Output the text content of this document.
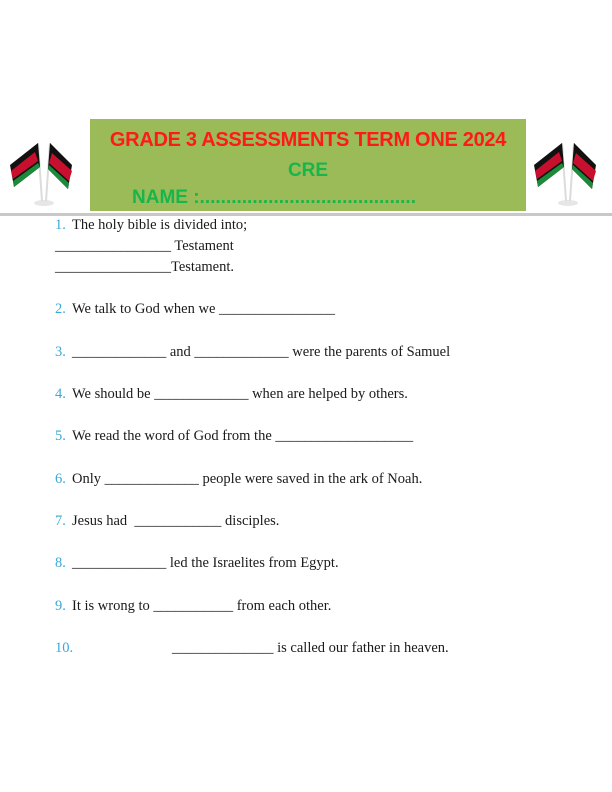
GRADE 3 ASSESSMENTS TERM ONE 2024
CRE
NAME :.........................................
1. The holy bible is divided into;
________________ Testament
________________Testament.
2. We talk to God when we ________________
3. _____________ and _____________ were the parents of Samuel
4. We should be _____________ when are helped by others.
5. We read the word of God from the ___________________
6. Only _____________ people were saved in the ark of Noah.
7. Jesus had  ____________ disciples.
8. _____________ led the Israelites from Egypt.
9. It is wrong to ___________ from each other.
10.	______________ is called our father in heaven.
